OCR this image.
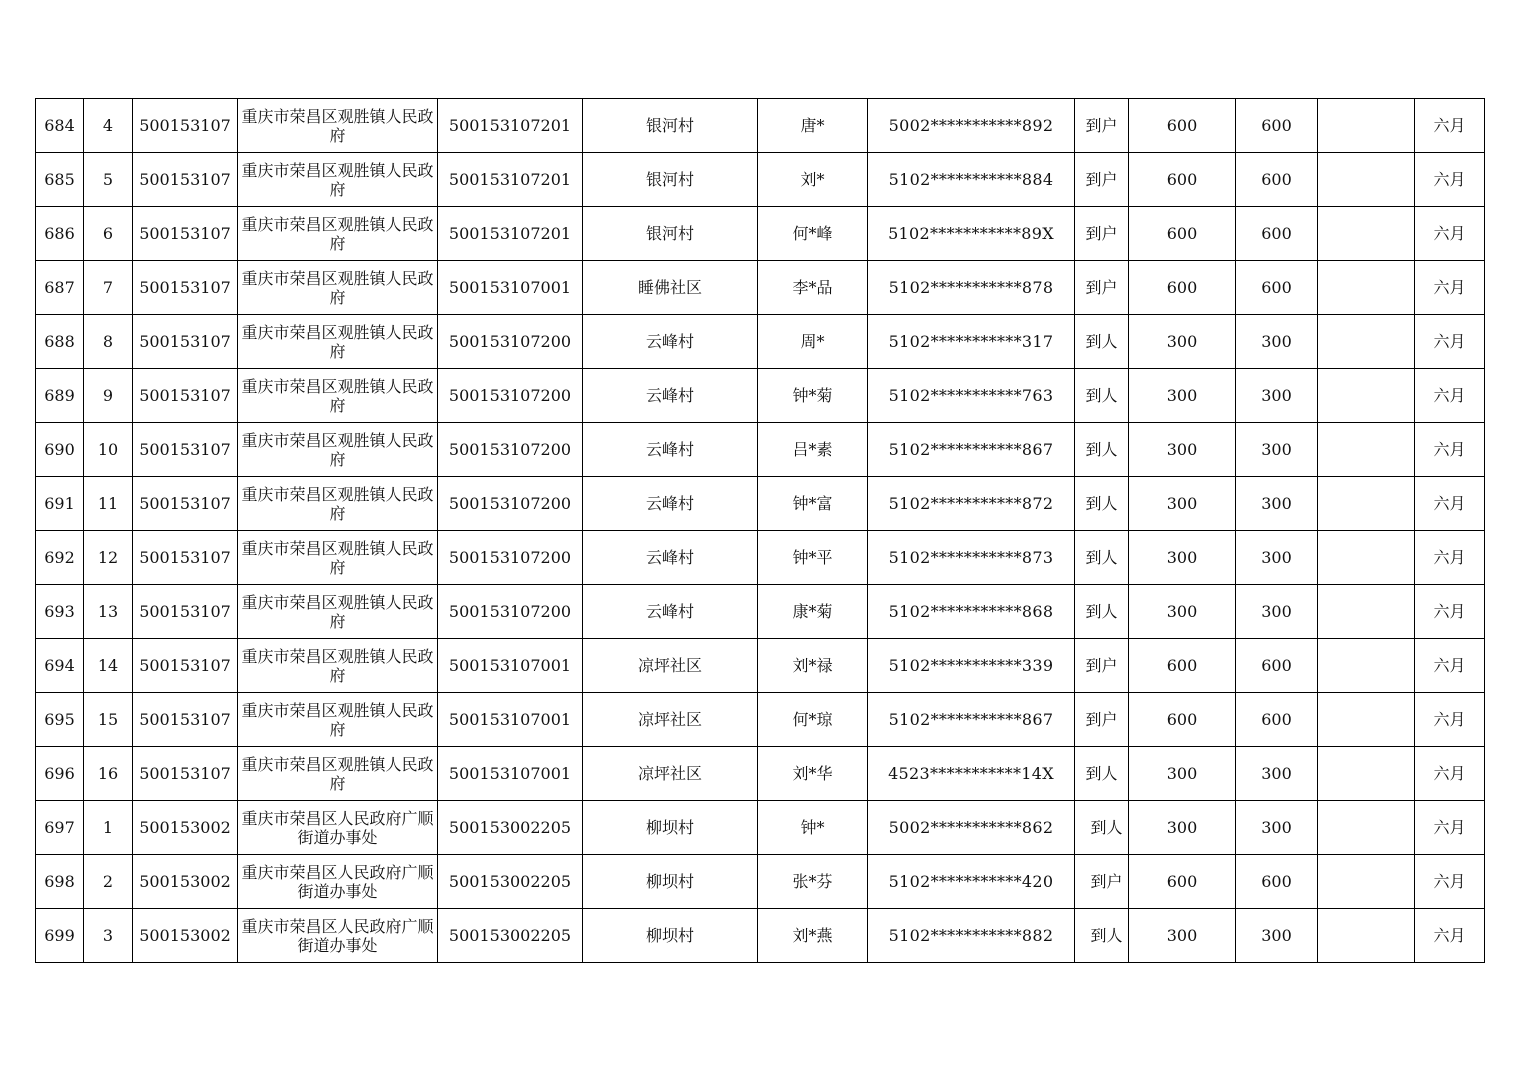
684	4	500153107	重庆市荣昌区观胜镇人民政府	500153107201	银河村	唐*	5002***********892	到户	600	600		六月
685	5	500153107	重庆市荣昌区观胜镇人民政府	500153107201	银河村	刘*	5102***********884	到户	600	600		六月
686	6	500153107	重庆市荣昌区观胜镇人民政府	500153107201	银河村	何*峰	5102***********89X	到户	600	600		六月
687	7	500153107	重庆市荣昌区观胜镇人民政府	500153107001	睡佛社区	李*品	5102***********878	到户	600	600		六月
688	8	500153107	重庆市荣昌区观胜镇人民政府	500153107200	云峰村	周*	5102***********317	到人	300	300		六月
689	9	500153107	重庆市荣昌区观胜镇人民政府	500153107200	云峰村	钟*菊	5102***********763	到人	300	300		六月
690	10	500153107	重庆市荣昌区观胜镇人民政府	500153107200	云峰村	吕*素	5102***********867	到人	300	300		六月
691	11	500153107	重庆市荣昌区观胜镇人民政府	500153107200	云峰村	钟*富	5102***********872	到人	300	300		六月
692	12	500153107	重庆市荣昌区观胜镇人民政府	500153107200	云峰村	钟*平	5102***********873	到人	300	300		六月
693	13	500153107	重庆市荣昌区观胜镇人民政府	500153107200	云峰村	康*菊	5102***********868	到人	300	300		六月
694	14	500153107	重庆市荣昌区观胜镇人民政府	500153107001	凉坪社区	刘*禄	5102***********339	到户	600	600		六月
695	15	500153107	重庆市荣昌区观胜镇人民政府	500153107001	凉坪社区	何*琼	5102***********867	到户	600	600		六月
696	16	500153107	重庆市荣昌区观胜镇人民政府	500153107001	凉坪社区	刘*华	4523***********14X	到人	300	300		六月
697	1	500153002	重庆市荣昌区人民政府广顺街道办事处	500153002205	柳坝村	钟*	5002***********862	到人	300	300		六月
698	2	500153002	重庆市荣昌区人民政府广顺街道办事处	500153002205	柳坝村	张*芬	5102***********420	到户	600	600		六月
699	3	500153002	重庆市荣昌区人民政府广顺街道办事处	500153002205	柳坝村	刘*燕	5102***********882	到人	300	300		六月
